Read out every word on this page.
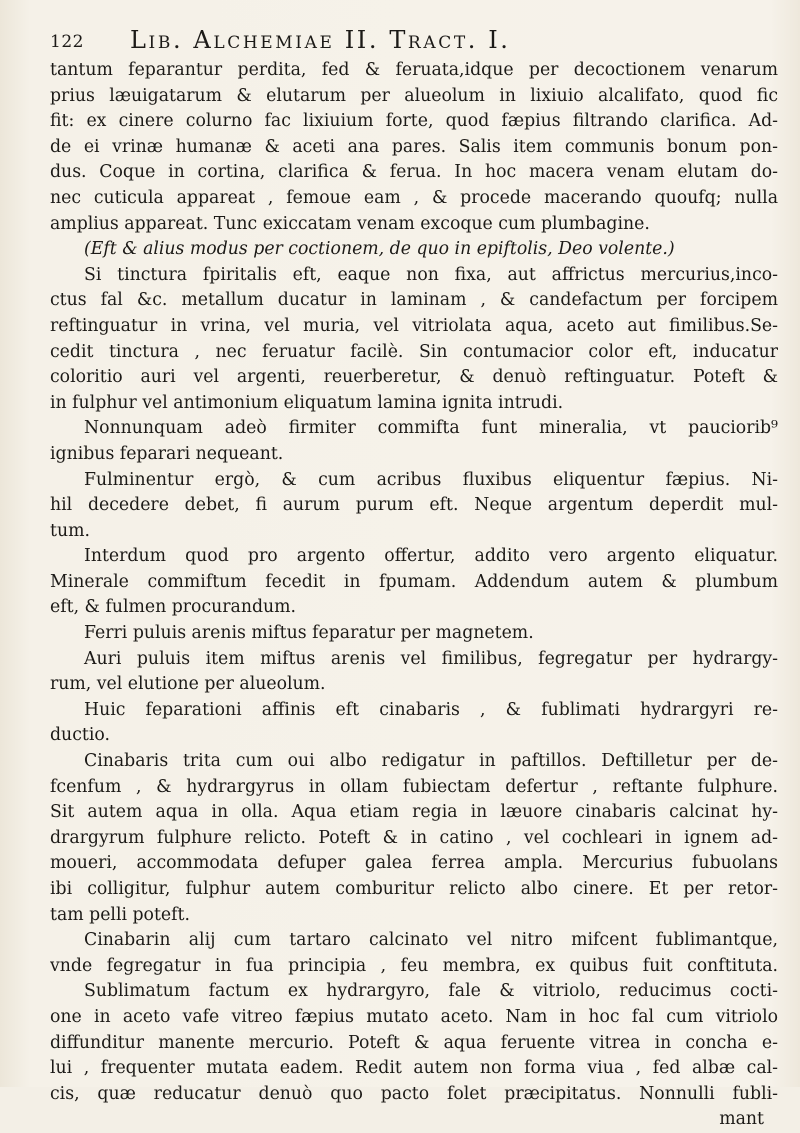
122 Lib. Alchemiae II. Tract. I.
tantum feparantur perdita, fed & feruata,idque per decoctionem venarum
prius læuigatarum & elutarum per alueolum in lixiuio alcalifato, quod fic
fit: ex cinere colurno fac lixiuium forte, quod fæpius filtrando clarifica. Ad-
de ei vrinæ humanæ & aceti ana pares. Salis item communis bonum pon-
dus. Coque in cortina, clarifica & ferua. In hoc macera venam elutam do-
nec cuticula appareat , femoue eam , & procede macerando quoufq; nulla
amplius appareat. Tunc exiccatam venam excoque cum plumbagine.
(Eft & alius modus per coctionem, de quo in epiftolis, Deo volente.)
Si tinctura fpiritalis eft, eaque non fixa, aut affrictus mercurius,inco-
ctus fal &c. metallum ducatur in laminam , & candefactum per forcipem
reftinguatur in vrina, vel muria, vel vitriolata aqua, aceto aut fimilibus.Se-
cedit tinctura , nec feruatur facilè. Sin contumacior color eft, inducatur
coloritio auri vel argenti, reuerberetur, & denuò reftinguatur. Poteft &
in fulphur vel antimonium eliquatum lamina ignita intrudi.
Nonnunquam adeò firmiter commifta funt mineralia, vt pauciorib⁹
ignibus feparari nequeant.
Fulminentur ergò, & cum acribus fluxibus eliquentur fæpius. Ni-
hil decedere debet, fi aurum purum eft. Neque argentum deperdit mul-
tum.
Interdum quod pro argento offertur, addito vero argento eliquatur.
Minerale commiftum fecedit in fpumam. Addendum autem & plumbum
eft, & fulmen procurandum.
Ferri puluis arenis miftus feparatur per magnetem.
Auri puluis item miftus arenis vel fimilibus, fegregatur per hydrargy-
rum, vel elutione per alueolum.
Huic feparationi affinis eft cinabaris , & fublimati hydrargyri re-
ductio.
Cinabaris trita cum oui albo redigatur in paftillos. Deftilletur per de-
fcenfum , & hydrargyrus in ollam fubiectam defertur , reftante fulphure.
Sit autem aqua in olla. Aqua etiam regia in læuore cinabaris calcinat hy-
drargyrum fulphure relicto. Poteft & in catino , vel cochleari in ignem ad-
moueri, accommodata defuper galea ferrea ampla. Mercurius fubuolans
ibi colligitur, fulphur autem comburitur relicto albo cinere. Et per retor-
tam pelli poteft.
Cinabarin alij cum tartaro calcinato vel nitro mifcent fublimantque,
vnde fegregatur in fua principia , feu membra, ex quibus fuit conftituta.
Sublimatum factum ex hydrargyro, fale & vitriolo, reducimus cocti-
one in aceto vafe vitreo fæpius mutato aceto. Nam in hoc fal cum vitriolo
diffunditur manente mercurio. Poteft & aqua feruente vitrea in concha e-
lui , frequenter mutata eadem. Redit autem non forma viua , fed albæ cal-
cis, quæ reducatur denuò quo pacto folet præcipitatus. Nonnulli fubli-
mant
